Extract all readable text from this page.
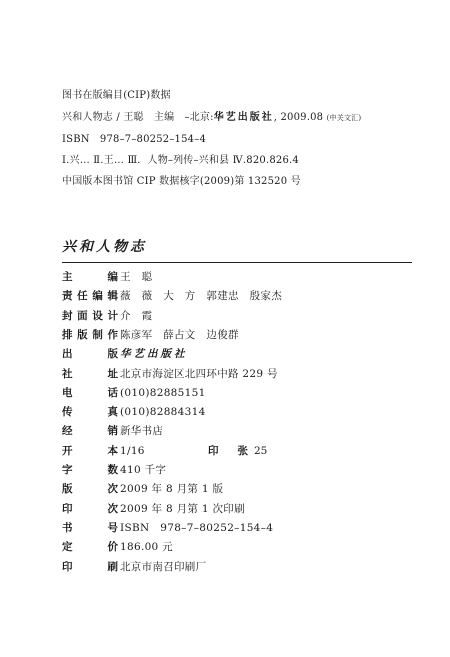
图书在版编目(CIP)数据
兴和人物志 / 王聪　主编　–北京:华艺出版社, 2009.08 (中关文汇)
ISBN　978–7–80252–154–4
Ⅰ.兴… Ⅱ.王… Ⅲ．人物–列传–兴和县 Ⅳ.820.826.4
中国版本图书馆 CIP 数据核字(2009)第 132520 号
兴和人物志
主	编 王　聪
责 任 编 辑 薇　薇　大　方　郭建忠　殷家杰
封 面 设 计 介　霞
排 版 制 作 陈彦军　薛占文　边俊群
出	版 华艺出版社
社	址 北京市海淀区北四环中路 229 号
电	话 (010)82885151
传	真 (010)82884314
经	销 新华书店
开	本 1/16	印 张 25
字	数 410 千字
版	次 2009 年 8 月第 1 版
印	次 2009 年 8 月第 1 次印刷
书	号 ISBN　978–7–80252–154–4
定	价 186.00 元
印	刷 北京市南召印刷厂
